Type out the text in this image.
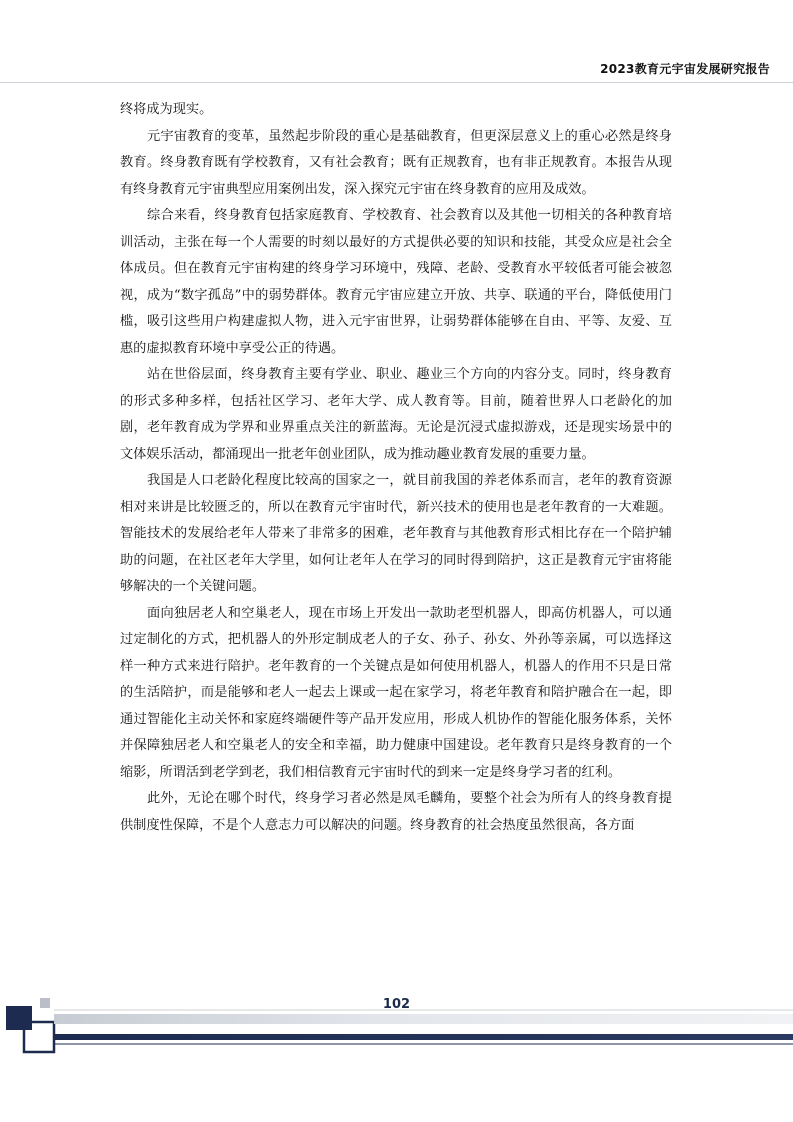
2023教育元宇宙发展研究报告

终将成为现实。

元宇宙教育的变革，虽然起步阶段的重心是基础教育，但更深层意义上的重心必然是终身教育。终身教育既有学校教育，又有社会教育；既有正规教育，也有非正规教育。本报告从现有终身教育元宇宙典型应用案例出发，深入探究元宇宙在终身教育的应用及成效。

综合来看，终身教育包括家庭教育、学校教育、社会教育以及其他一切相关的各种教育培训活动，主张在每一个人需要的时刻以最好的方式提供必要的知识和技能，其受众应是社会全体成员。但在教育元宇宙构建的终身学习环境中，残障、老龄、受教育水平较低者可能会被忽视，成为“数字孤岛”中的弱势群体。教育元宇宙应建立开放、共享、联通的平台，降低使用门槛，吸引这些用户构建虚拟人物，进入元宇宙世界，让弱势群体能够在自由、平等、友爱、互惠的虚拟教育环境中享受公正的待遇。

站在世俗层面，终身教育主要有学业、职业、趣业三个方向的内容分支。同时，终身教育的形式多种多样，包括社区学习、老年大学、成人教育等。目前，随着世界人口老龄化的加剧，老年教育成为学界和业界重点关注的新蓝海。无论是沉浸式虚拟游戏，还是现实场景中的文体娱乐活动，都涌现出一批老年创业团队，成为推动趣业教育发展的重要力量。

我国是人口老龄化程度比较高的国家之一，就目前我国的养老体系而言，老年的教育资源相对来讲是比较匮乏的，所以在教育元宇宙时代，新兴技术的使用也是老年教育的一大难题。智能技术的发展给老年人带来了非常多的困难，老年教育与其他教育形式相比存在一个陪护辅助的问题，在社区老年大学里，如何让老年人在学习的同时得到陪护，这正是教育元宇宙将能够解决的一个关键问题。

面向独居老人和空巢老人，现在市场上开发出一款助老型机器人，即高仿机器人，可以通过定制化的方式，把机器人的外形定制成老人的子女、孙子、孙女、外孙等亲属，可以选择这样一种方式来进行陪护。老年教育的一个关键点是如何使用机器人，机器人的作用不只是日常的生活陪护，而是能够和老人一起去上课或一起在家学习，将老年教育和陪护融合在一起，即通过智能化主动关怀和家庭终端硬件等产品开发应用，形成人机协作的智能化服务体系，关怀并保障独居老人和空巢老人的安全和幸福，助力健康中国建设。老年教育只是终身教育的一个缩影，所谓活到老学到老，我们相信教育元宇宙时代的到来一定是终身学习者的红利。

此外，无论在哪个时代，终身学习者必然是凤毛麟角，要整个社会为所有人的终身教育提供制度性保障，不是个人意志力可以解决的问题。终身教育的社会热度虽然很高，各方面

102
